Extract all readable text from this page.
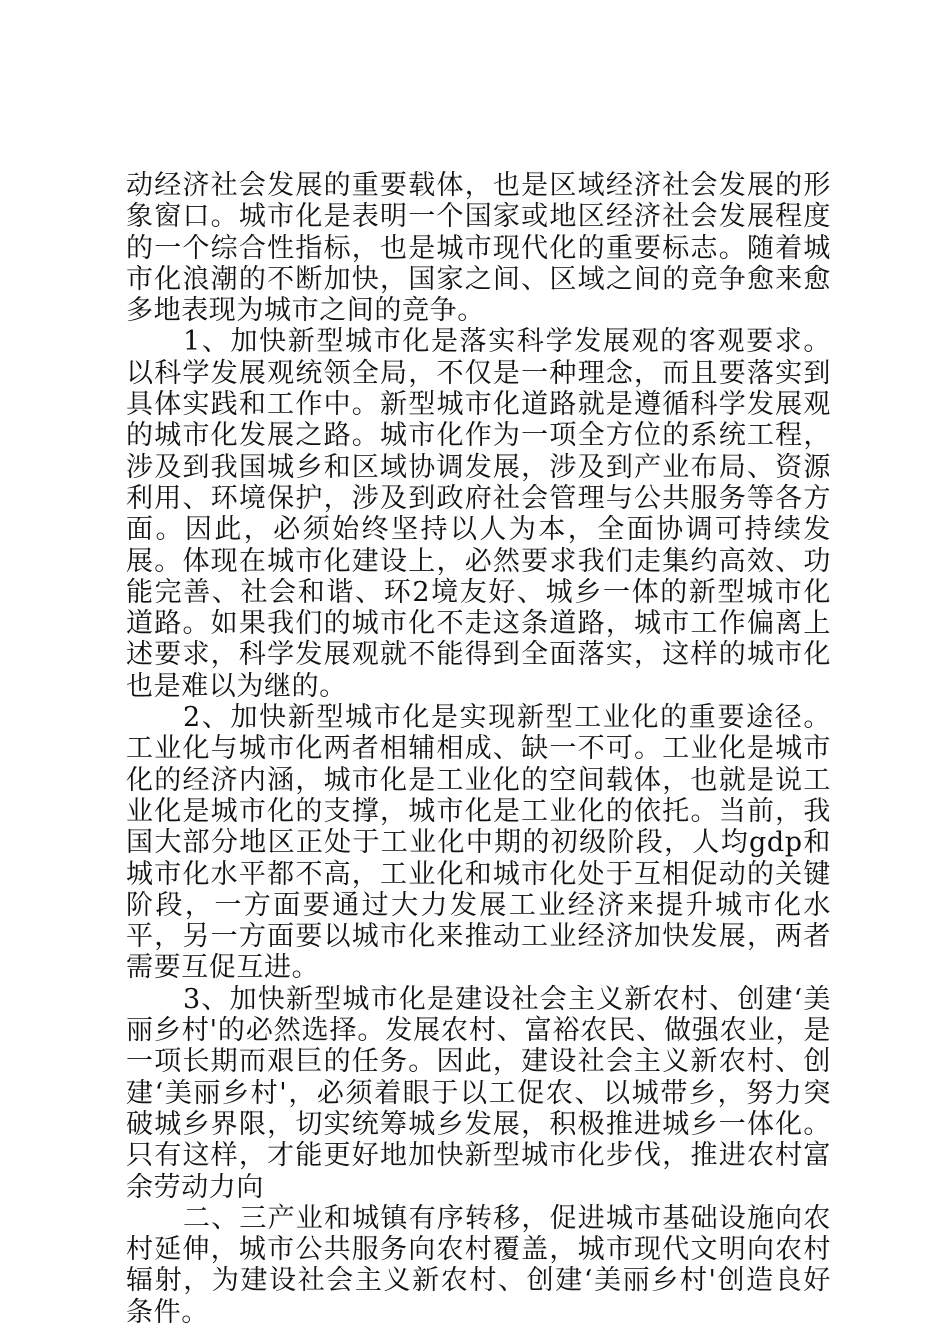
动经济社会发展的重要载体，也是区域经济社会发展的形象窗口。城市化是表明一个国家或地区经济社会发展程度的一个综合性指标，也是城市现代化的重要标志。随着城市化浪潮的不断加快，国家之间、区域之间的竞争愈来愈多地表现为城市之间的竞争。

1、加快新型城市化是落实科学发展观的客观要求。以科学发展观统领全局，不仅是一种理念，而且要落实到具体实践和工作中。新型城市化道路就是遵循科学发展观的城市化发展之路。城市化作为一项全方位的系统工程，涉及到我国城乡和区域协调发展，涉及到产业布局、资源利用、环境保护，涉及到政府社会管理与公共服务等各方面。因此，必须始终坚持以人为本，全面协调可持续发展。体现在城市化建设上，必然要求我们走集约高效、功能完善、社会和谐、环2境友好、城乡一体的新型城市化道路。如果我们的城市化不走这条道路，城市工作偏离上述要求，科学发展观就不能得到全面落实，这样的城市化也是难以为继的。

2、加快新型城市化是实现新型工业化的重要途径。工业化与城市化两者相辅相成、缺一不可。工业化是城市化的经济内涵，城市化是工业化的空间载体，也就是说工业化是城市化的支撑，城市化是工业化的依托。当前，我国大部分地区正处于工业化中期的初级阶段，人均gdp和城市化水平都不高，工业化和城市化处于互相促动的关键阶段，一方面要通过大力发展工业经济来提升城市化水平，另一方面要以城市化来推动工业经济加快发展，两者需要互促互进。

3、加快新型城市化是建设社会主义新农村、创建‘美丽乡村'的必然选择。发展农村、富裕农民、做强农业，是一项长期而艰巨的任务。因此，建设社会主义新农村、创建‘美丽乡村'，必须着眼于以工促农、以城带乡，努力突破城乡界限，切实统筹城乡发展，积极推进城乡一体化。只有这样，才能更好地加快新型城市化步伐，推进农村富余劳动力向

二、三产业和城镇有序转移，促进城市基础设施向农村延伸，城市公共服务向农村覆盖，城市现代文明向农村辐射，为建设社会主义新农村、创建‘美丽乡村'创造良好条件。
